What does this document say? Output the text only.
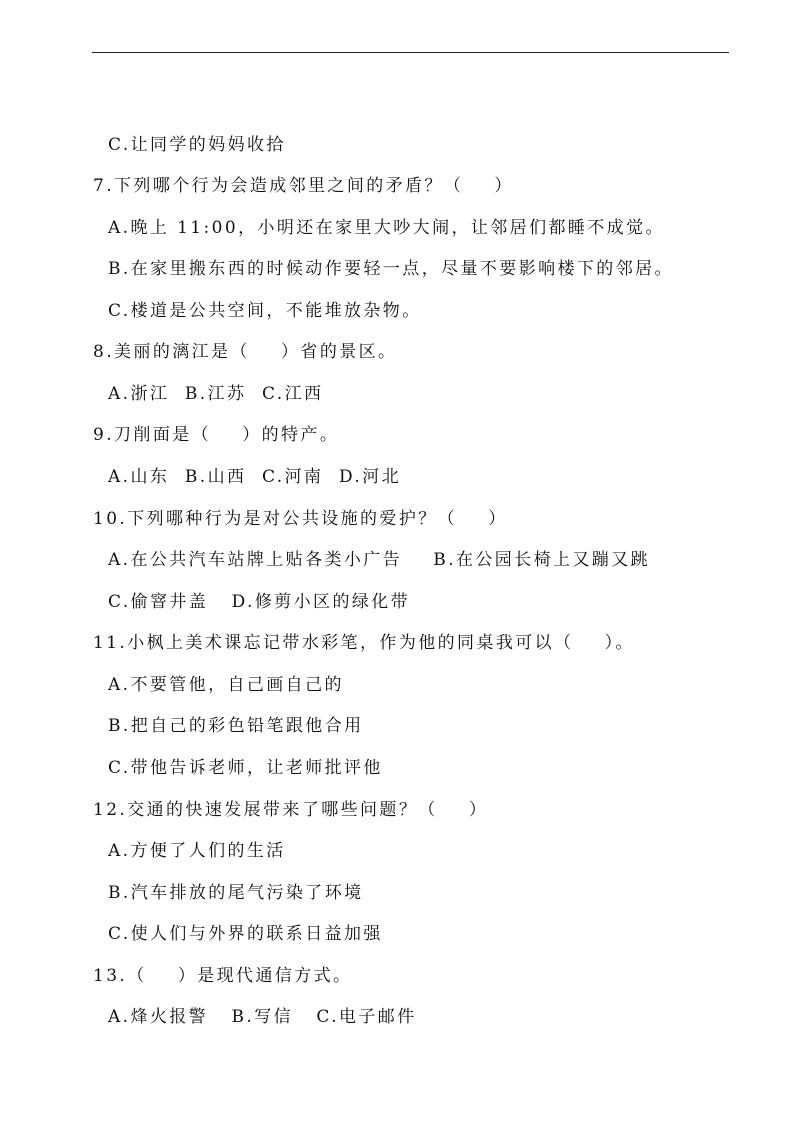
C.让同学的妈妈收拾
7.下列哪个行为会造成邻里之间的矛盾？（    ）
A.晚上 11:00，小明还在家里大吵大闹，让邻居们都睡不成觉。
B.在家里搬东西的时候动作要轻一点，尽量不要影响楼下的邻居。
C.楼道是公共空间，不能堆放杂物。
8.美丽的漓江是（    ）省的景区。
A.浙江  B.江苏  C.江西
9.刀削面是（    ）的特产。
A.山东  B.山西  C.河南  D.河北
10.下列哪种行为是对公共设施的爱护？（    ）
A.在公共汽车站牌上贴各类小广告    B.在公园长椅上又蹦又跳
C.偷窨井盖   D.修剪小区的绿化带
11.小枫上美术课忘记带水彩笔，作为他的同桌我可以（    ）。
A.不要管他，自己画自己的
B.把自己的彩色铅笔跟他合用
C.带他告诉老师，让老师批评他
12.交通的快速发展带来了哪些问题？（    ）
A.方便了人们的生活
B.汽车排放的尾气污染了环境
C.使人们与外界的联系日益加强
13.（    ）是现代通信方式。
A.烽火报警   B.写信   C.电子邮件
